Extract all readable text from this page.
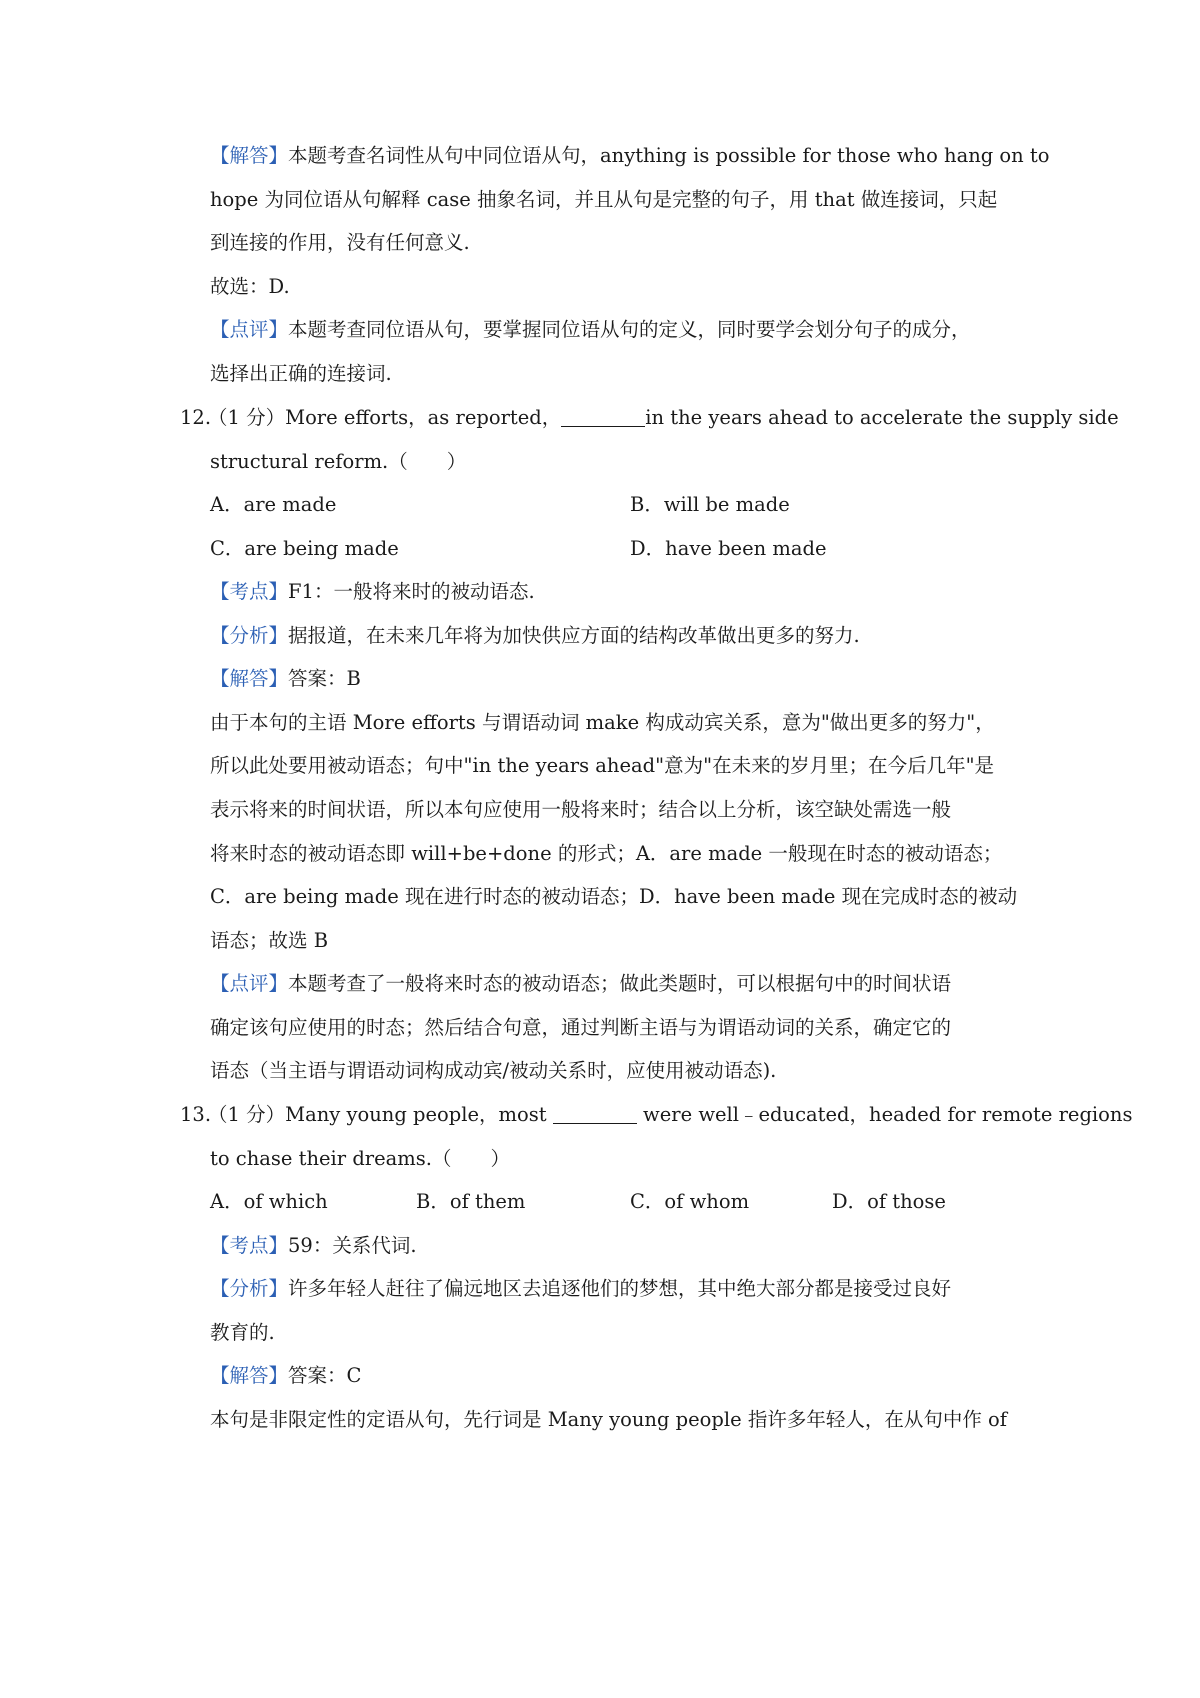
【解答】本题考查名词性从句中同位语从句，anything is possible for those who hang on to
hope 为同位语从句解释 case 抽象名词，并且从句是完整的句子，用 that 做连接词，只起
到连接的作用，没有任何意义.
故选：D.
【点评】本题考查同位语从句，要掌握同位语从句的定义，同时要学会划分句子的成分，
选择出正确的连接词.
12.
（1 分）More efforts，as reported，	in the years ahead to accelerate the supply side
structural reform.（　　）
A．are made	B．will be made
C．are being made	D．have been made
【考点】F1：一般将来时的被动语态.
【分析】据报道，在未来几年将为加快供应方面的结构改革做出更多的努力.
【解答】答案：B
由于本句的主语 More efforts 与谓语动词 make 构成动宾关系，意为"做出更多的努力"，
所以此处要用被动语态；句中"in the years ahead"意为"在未来的岁月里；在今后几年"是
表示将来的时间状语，所以本句应使用一般将来时；结合以上分析，该空缺处需选一般
将来时态的被动语态即 will+be+done 的形式；A．are made 一般现在时态的被动语态；
C．are being made 现在进行时态的被动语态；D．have been made 现在完成时态的被动
语态；故选 B
【点评】本题考查了一般将来时态的被动语态；做此类题时，可以根据句中的时间状语
确定该句应使用的时态；然后结合句意，通过判断主语与为谓语动词的关系，确定它的
语态（当主语与谓语动词构成动宾/被动关系时，应使用被动语态).
13.
（1 分）Many young people，most	were well﹣educated，headed for remote regions
to chase their dreams.（　　）
A．of which	B．of them	C．of whom	D．of those
【考点】59：关系代词.
【分析】许多年轻人赶往了偏远地区去追逐他们的梦想，其中绝大部分都是接受过良好
教育的.
【解答】答案：C
本句是非限定性的定语从句，先行词是 Many young people 指许多年轻人，在从句中作 of
